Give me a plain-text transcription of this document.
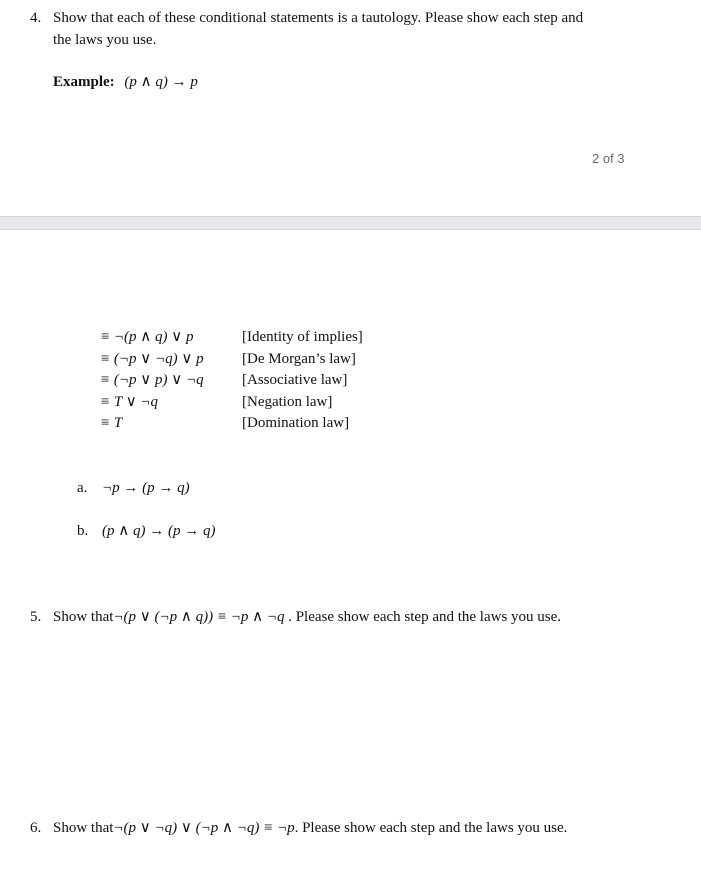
4. Show that each of these conditional statements is a tautology. Please show each step and
the laws you use.
Example: (p ∧ q) → p
2 of 3
≡ ¬(p ∧ q) ∨ p	[Identity of implies]
≡ (¬p ∨ ¬q) ∨ p	[De Morgan’s law]
≡ (¬p ∨ p) ∨ ¬q	[Associative law]
≡ T ∨ ¬q	[Negation law]
≡ T	[Domination law]
a. ¬p → (p → q)
b. (p ∧ q) → (p → q)
5. Show that¬(p ∨ (¬p ∧ q)) ≡ ¬p ∧ ¬q . Please show each step and the laws you use.
6. Show that¬(p ∨ ¬q) ∨ (¬p ∧ ¬q) ≡ ¬p. Please show each step and the laws you use.
